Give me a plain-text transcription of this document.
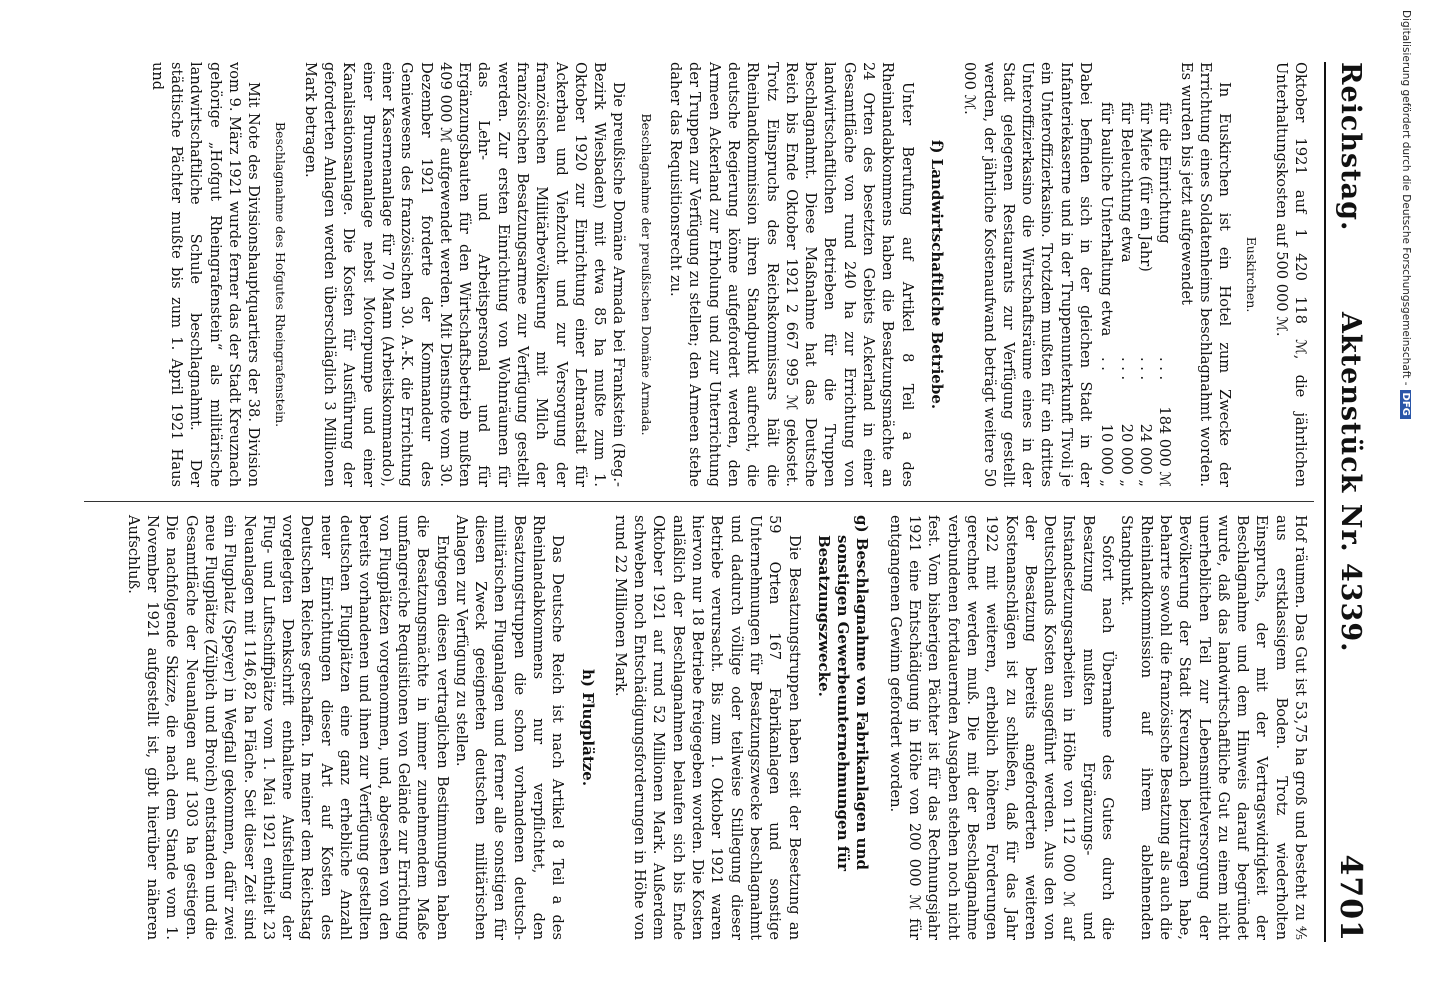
Reichstag.
Aktenstück Nr. 4339.
4701

Oktober 1921 auf 1 420 118 ℳ, die jährlichen Unterhaltungskosten auf 500 000 ℳ.

Euskirchen.

In Euskirchen ist ein Hotel zum Zwecke der Errichtung eines Soldatenheims beschlagnahmt worden. Es wurden bis jetzt aufgewendet

für die Einrichtung
. . .
184 000 ℳ
für Miete (für ein Jahr)
. . .
24 000 „
für Beleuchtung etwa
. . .
20 000 „
für bauliche Unterhaltung etwa
. .
10 000 „

Dabei befinden sich in der gleichen Stadt in der Infanteriekaserne und in der Truppenunterkunft Tivoli je ein Unteroffizierkasino. Trotzdem mußten für ein drittes Unteroffizierkasino die Wirtschaftsräume eines in der Stadt gelegenen Restaurants zur Verfügung gestellt werden, der jährliche Kostenaufwand beträgt weitere 50 000 ℳ.

f) Landwirtschaftliche Betriebe.

Unter Berufung auf Artikel 8 Teil a des Rheinlandabkommens haben die Besatzungsmächte an 24 Orten des besetzten Gebiets Ackerland in einer Gesamtfläche von rund 240 ha zur Errichtung von landwirtschaftlichen Betrieben für die Truppen beschlagnahmt. Diese Maßnahme hat das Deutsche Reich bis Ende Oktober 1921 2 667 995 ℳ gekostet. Trotz Einspruchs des Reichskommissars hält die Rheinlandkommission ihren Standpunkt aufrecht, die deutsche Regierung könne aufgefordert werden, den Armeen Ackerland zur Erholung und zur Unterrichtung der Truppen zur Verfügung zu stellen; den Armeen stehe daher das Requisitionsrecht zu.

Beschlagnahme der preußischen Domäne Armada.

Die preußische Domäne Armada bei Frankstein (Reg.-Bezirk Wiesbaden) mit etwa 85 ha mußte zum 1. Oktober 1920 zur Einrichtung einer Lehranstalt für Ackerbau und Viehzucht und zur Versorgung der französischen Militärbevölkerung mit Milch der französischen Besatzungsarmee zur Verfügung gestellt werden. Zur ersten Einrichtung von Wohnräumen für das Lehr- und Arbeitspersonal und für Ergänzungsbauten für den Wirtschaftsbetrieb mußten 409 000 ℳ aufgewendet werden. Mit Dienstnote vom 30. Dezember 1921 forderte der Kommandeur des Geniewesens des französischen 30. A.-K. die Errichtung einer Kasernenanlage für 70 Mann (Arbeitskommando), einer Brunnenanlage nebst Motorpumpe und einer Kanalisationsanlage. Die Kosten für Ausführung der geforderten Anlagen werden überschläglich 3 Millionen Mark betragen.

Beschlagnahme des Hofgutes Rheingrafenstein.

Mit Note des Divisionshauptquartiers der 38. Division vom 9. März 1921 wurde ferner das der Stadt Kreuznach gehörige „Hofgut Rheingrafenstein“ als militärische landwirtschaftliche Schule beschlagnahmt. Der städtische Pächter mußte bis zum 1. April 1921 Haus und

Hof räumen. Das Gut ist 53,75 ha groß und besteht zu ⁴⁄₅ aus erstklassigem Boden. Trotz wiederholten Einspruchs, der mit der Vertragswidrigkeit der Beschlagnahme und dem Hinweis darauf begründet wurde, daß das landwirtschaftliche Gut zu einem nicht unerheblichen Teil zur Lebensmittelversorgung der Bevölkerung der Stadt Kreuznach beizutragen habe, beharrte sowohl die französische Besatzung als auch die Rheinlandkommission auf ihrem ablehnenden Standpunkt.

Sofort nach Übernahme des Gutes durch die Besatzung mußten Ergänzungs- und Instandsetzungsarbeiten in Höhe von 112 000 ℳ auf Deutschlands Kosten ausgeführt werden. Aus den von der Besatzung bereits angeforderten weiteren Kostenanschlägen ist zu schließen, daß für das Jahr 1922 mit weiteren, erheblich höheren Forderungen gerechnet werden muß. Die mit der Beschlagnahme verbundenen fortdauernden Ausgaben stehen noch nicht fest. Vom bisherigen Pächter ist für das Rechnungsjahr 1921 eine Entschädigung in Höhe von 200 000 ℳ für entgangenen Gewinn gefordert worden.

g) Beschlagnahme von Fabrikanlagen und sonstigen Gewerbeunternehmungen für Besatzungszwecke.

Die Besatzungstruppen haben seit der Besetzung an 59 Orten 167 Fabrikanlagen und sonstige Unternehmungen für Besatzungszwecke beschlagnahmt und dadurch völlige oder teilweise Stillegung dieser Betriebe verursacht. Bis zum 1. Oktober 1921 waren hiervon nur 18 Betriebe freigegeben worden. Die Kosten anläßlich der Beschlagnahmen belaufen sich bis Ende Oktober 1921 auf rund 52 Millionen Mark. Außerdem schweben noch Entschädigungsforderungen in Höhe von rund 22 Millionen Mark.

h) Flugplätze.

Das Deutsche Reich ist nach Artikel 8 Teil a des Rheinlandabkommens nur verpflichtet, den Besatzungstruppen die schon vorhandenen deutsch-militärischen Fluganlagen und ferner alle sonstigen für diesen Zweck geeigneten deutschen militärischen Anlagen zur Verfügung zu stellen.

Entgegen diesen vertraglichen Bestimmungen haben die Besatzungsmächte in immer zunehmendem Maße umfangreiche Requisitionen von Gelände zur Errichtung von Flugplätzen vorgenommen, und, abgesehen von den bereits vorhandenen und ihnen zur Verfügung gestellten deutschen Flugplätzen eine ganz erhebliche Anzahl neuer Einrichtungen dieser Art auf Kosten des Deutschen Reiches geschaffen. In meiner dem Reichstag vorgelegten Denkschrift enthaltene Aufstellung der Flug- und Luftschiffplätze vom 1. Mai 1921 enthielt 23 Neuanlagen mit 1146,82 ha Fläche. Seit dieser Zeit sind ein Flugplatz (Speyer) in Wegfall gekommen, dafür zwei neue Flugplätze (Zülpich und Broich) entstanden und die Gesamtfläche der Neuanlagen auf 1303 ha gestiegen. Die nachfolgende Skizze, die nach dem Stande vom 1. November 1921 aufgestellt ist, gibt hierüber näheren Aufschluß.

Digitalisierung gefördert durch die Deutsche Forschungsgemeinschaft -DFG
